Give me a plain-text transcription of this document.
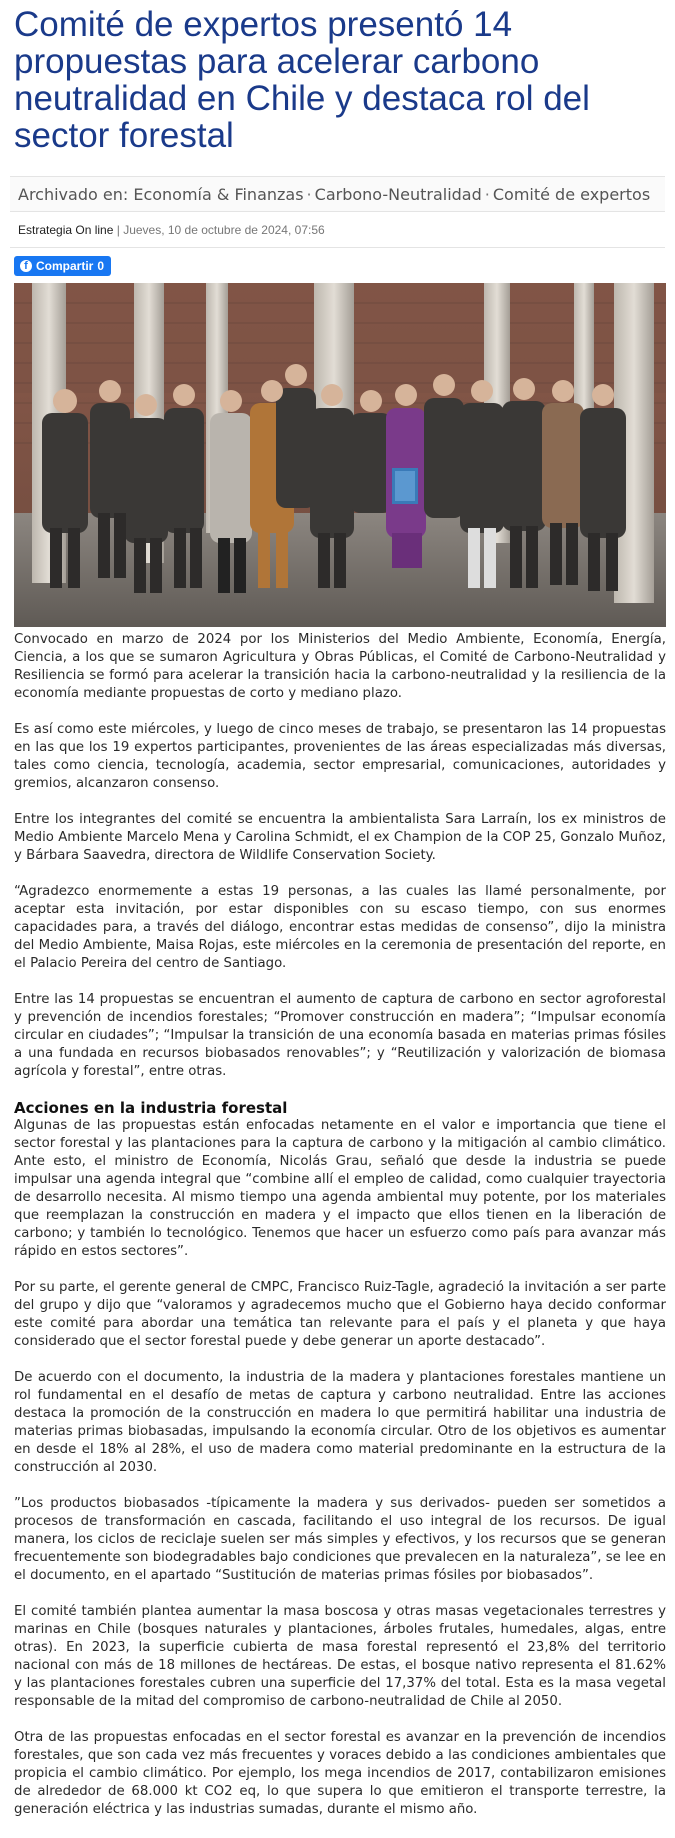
Comité de expertos presentó 14 propuestas para acelerar carbono neutralidad en Chile y destaca rol del sector forestal
Archivado en: Economía & Finanzas · Carbono-Neutralidad · Comité de expertos
Estrategia On line | Jueves, 10 de octubre de 2024, 07:56
f Compartir 0

Convocado en marzo de 2024 por los Ministerios del Medio Ambiente, Economía, Energía, Ciencia, a los que se sumaron Agricultura y Obras Públicas, el Comité de Carbono-Neutralidad y Resiliencia se formó para acelerar la transición hacia la carbono-neutralidad y la resiliencia de la economía mediante propuestas de corto y mediano plazo.

Es así como este miércoles, y luego de cinco meses de trabajo, se presentaron las 14 propuestas en las que los 19 expertos participantes, provenientes de las áreas especializadas más diversas, tales como ciencia, tecnología, academia, sector empresarial, comunicaciones, autoridades y gremios, alcanzaron consenso.

Entre los integrantes del comité se encuentra la ambientalista Sara Larraín, los ex ministros de Medio Ambiente Marcelo Mena y Carolina Schmidt, el ex Champion de la COP 25, Gonzalo Muñoz, y Bárbara Saavedra, directora de Wildlife Conservation Society.

“Agradezco enormemente a estas 19 personas, a las cuales las llamé personalmente, por aceptar esta invitación, por estar disponibles con su escaso tiempo, con sus enormes capacidades para, a través del diálogo, encontrar estas medidas de consenso”, dijo la ministra del Medio Ambiente, Maisa Rojas, este miércoles en la ceremonia de presentación del reporte, en el Palacio Pereira del centro de Santiago.

Entre las 14 propuestas se encuentran el aumento de captura de carbono en sector agroforestal y prevención de incendios forestales; “Promover construcción en madera”; “Impulsar economía circular en ciudades”; “Impulsar la transición de una economía basada en materias primas fósiles a una fundada en recursos biobasados renovables”; y “Reutilización y valorización de biomasa agrícola y forestal”, entre otras.

Acciones en la industria forestal

Algunas de las propuestas están enfocadas netamente en el valor e importancia que tiene el sector forestal y las plantaciones para la captura de carbono y la mitigación al cambio climático. Ante esto, el ministro de Economía, Nicolás Grau, señaló que desde la industria se puede impulsar una agenda integral que “combine allí el empleo de calidad, como cualquier trayectoria de desarrollo necesita. Al mismo tiempo una agenda ambiental muy potente, por los materiales que reemplazan la construcción en madera y el impacto que ellos tienen en la liberación de carbono; y también lo tecnológico. Tenemos que hacer un esfuerzo como país para avanzar más rápido en estos sectores”.

Por su parte, el gerente general de CMPC, Francisco Ruiz-Tagle, agradeció la invitación a ser parte del grupo y dijo que “valoramos y agradecemos mucho que el Gobierno haya decido conformar este comité para abordar una temática tan relevante para el país y el planeta y que haya considerado que el sector forestal puede y debe generar un aporte destacado”.

De acuerdo con el documento, la industria de la madera y plantaciones forestales mantiene un rol fundamental en el desafío de metas de captura y carbono neutralidad. Entre las acciones destaca la promoción de la construcción en madera lo que permitirá habilitar una industria de materias primas biobasadas, impulsando la economía circular. Otro de los objetivos es aumentar en desde el 18% al 28%, el uso de madera como material predominante en la estructura de la construcción al 2030.

”Los productos biobasados -típicamente la madera y sus derivados- pueden ser sometidos a procesos de transformación en cascada, facilitando el uso integral de los recursos. De igual manera, los ciclos de reciclaje suelen ser más simples y efectivos, y los recursos que se generan frecuentemente son biodegradables bajo condiciones que prevalecen en la naturaleza”, se lee en el documento, en el apartado “Sustitución de materias primas fósiles por biobasados”.

El comité también plantea aumentar la masa boscosa y otras masas vegetacionales terrestres y marinas en Chile (bosques naturales y plantaciones, árboles frutales, humedales, algas, entre otras). En 2023, la superficie cubierta de masa forestal representó el 23,8% del territorio nacional con más de 18 millones de hectáreas. De estas, el bosque nativo representa el 81.62% y las plantaciones forestales cubren una superficie del 17,37% del total. Esta es la masa vegetal responsable de la mitad del compromiso de carbono-neutralidad de Chile al 2050.

Otra de las propuestas enfocadas en el sector forestal es avanzar en la prevención de incendios forestales, que son cada vez más frecuentes y voraces debido a las condiciones ambientales que propicia el cambio climático. Por ejemplo, los mega incendios de 2017, contabilizaron emisiones de alrededor de 68.000 kt CO2 eq, lo que supera lo que emitieron el transporte terrestre, la generación eléctrica y las industrias sumadas, durante el mismo año.
